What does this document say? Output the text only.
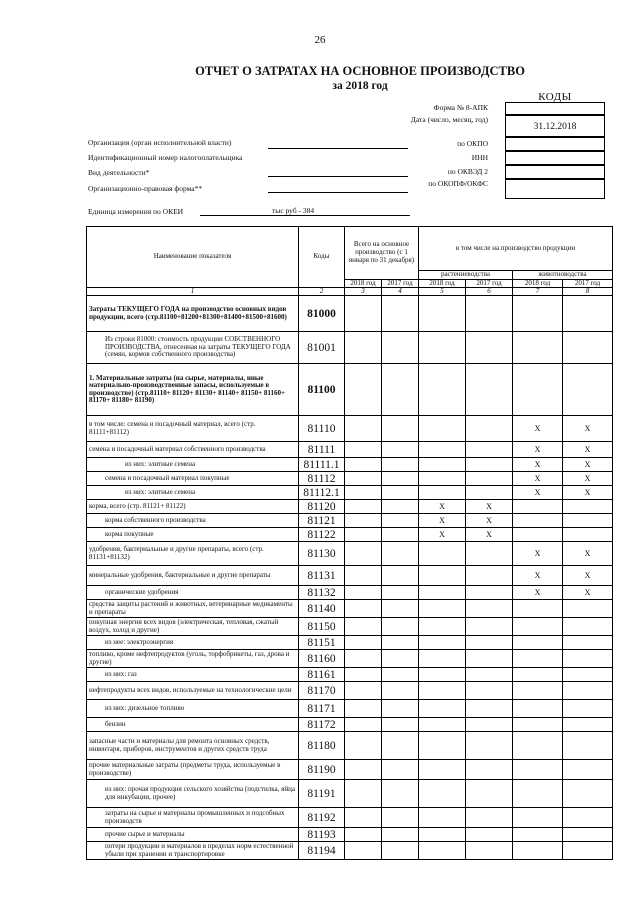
26
ОТЧЕТ О ЗАТРАТАХ НА ОСНОВНОЕ ПРОИЗВОДСТВО
за 2018 год
КОДЫ
Форма № 8-АПК
Дата (число, месяц, год)
31.12.2018
по ОКПО
ИНН
по ОКВЭД 2
по ОКОПФ/ОКФС
Организация (орган исполнительной власти)
Идентификационный номер налогоплательщика
Вид деятельности*
Организационно-правовая форма**
Единица измерения по ОКЕИ	тыс руб - 384
Наименование показателя	Коды	Всего на основное производство (с 1 января по 31 декабря)		в том числе на производство продукции			
				растениеводства		животноводства	
		2018 год	2017 год	2018 год	2017 год	2018 год	2017 год
1	2	3	4	5	6	7	8
Затраты ТЕКУЩЕГО ГОДА на производство основных видов продукции, всего (стр.81100+81200+81300+81400+81500+81600)	81000						
Из строки 81000: стоимость продукции СОБСТВЕННОГО ПРОИЗВОДСТВА, отнесенная на затраты ТЕКУЩЕГО ГОДА (семян, кормов собственного производства)	81001						
1. Материальные затраты (на сырье, материалы, иные материально-производственные запасы, используемые в производстве) (стр.81110+ 81120+ 81130+ 81140+ 81150+ 81160+ 81170+ 81180+ 81190)	81100						
в том числе: семена и посадочный материал, всего (стр. 81111+81112)	81110					X	X
семена и посадочный материал собственного производства	81111					X	X
из них: элитные семена	81111.1					X	X
семена и посадочный материал покупные	81112					X	X
из них: элитные семена	81112.1					X	X
корма, всего (стр. 81121+ 81122)	81120			X	X		
корма собственного производства	81121			X	X		
корма покупные	81122			X	X		
удобрения, бактериальные и другие препараты, всего (стр. 81131+81132)	81130					X	X
минеральные удобрения, бактериальные и другие препараты	81131					X	X
органические удобрения	81132					X	X
средства защиты растений и животных, ветеринарные медикаменты и препараты	81140						
покупная энергия всех видов (электрическая, тепловая, сжатый воздух, холод и другие)	81150						
из нее: электроэнергия	81151						
топливо, кроме нефтепродуктов (уголь, торфобрикеты, газ, дрова и другие)	81160						
из них: газ	81161						
нефтепродукты всех видов, используемые на технологические цели	81170						
из них: дизельное топливо	81171						
бензин	81172						
запасные части и материалы для ремонта основных средств, инвентаря, приборов, инструментов и других средств труда	81180						
прочие материальные затраты (предметы труда, используемые в производстве)	81190						
из них: прочая продукция сельского хозяйства (подстилка, яйца для инкубации, прочее)	81191						
затраты на сырье и материалы промышленных и подсобных производств	81192						
прочие сырье и материалы	81193						
потери продукции и материалов в пределах норм естественной убыли при хранении и транспортировке	81194						
